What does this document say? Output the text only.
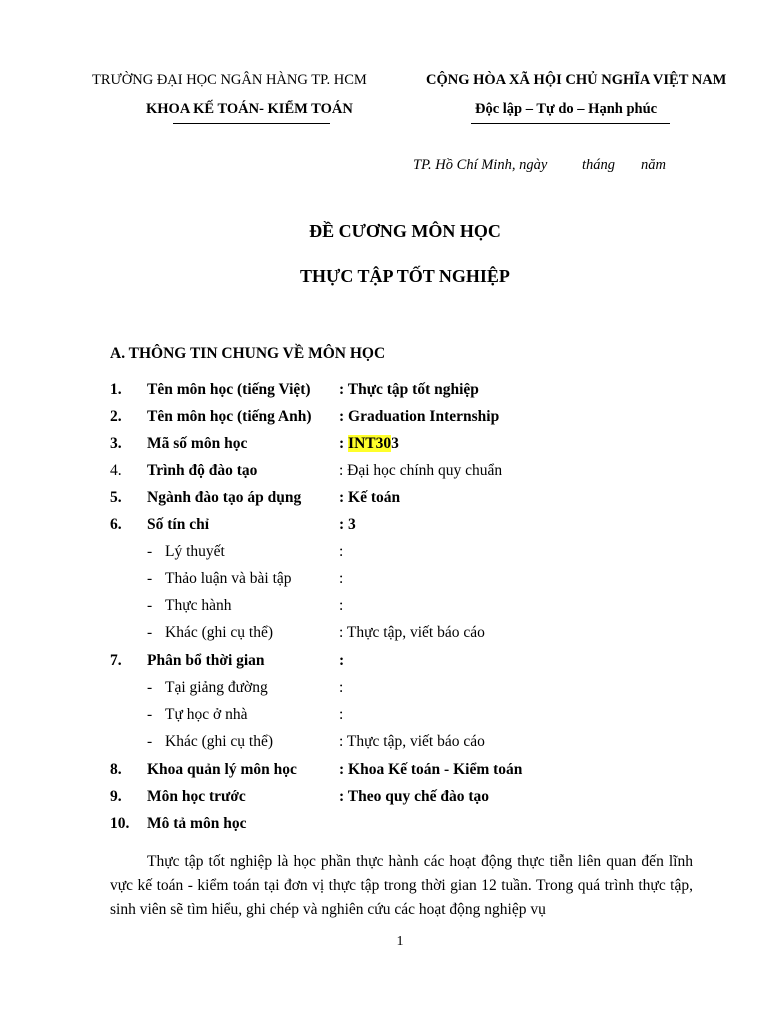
TRƯỜNG ĐẠI HỌC NGÂN HÀNG TP. HCM
KHOA KẾ TOÁN- KIỂM TOÁN
CỘNG HÒA XÃ HỘI CHỦ NGHĨA VIỆT NAM
Độc lập – Tự do – Hạnh phúc
TP. Hồ Chí Minh, ngày tháng năm
ĐỀ CƯƠNG MÔN HỌC
THỰC TẬP TỐT NGHIỆP
A. THÔNG TIN CHUNG VỀ MÔN HỌC
1. Tên môn học (tiếng Việt) : Thực tập tốt nghiệp
2. Tên môn học (tiếng Anh) : Graduation Internship
3. Mã số môn học	: INT303
4. Trình độ đào tạo	: Đại học chính quy chuẩn
5. Ngành đào tạo áp dụng : Kế toán
6. Số tín chỉ	: 3
- Lý thuyết	:
- Thảo luận và bài tập	:
- Thực hành	:
- Khác (ghi cụ thể)	: Thực tập, viết báo cáo
7. Phân bổ thời gian	:
- Tại giảng đường	:
- Tự học ở nhà	:
- Khác (ghi cụ thể)	: Thực tập, viết báo cáo
8. Khoa quản lý môn học	: Khoa Kế toán - Kiểm toán
9. Môn học trước	: Theo quy chế đào tạo
10. Mô tả môn học

Thực tập tốt nghiệp là học phần thực hành các hoạt động thực tiễn liên quan đến lĩnh vực kế toán - kiểm toán tại đơn vị thực tập trong thời gian 12 tuần. Trong quá trình thực tập, sinh viên sẽ tìm hiểu, ghi chép và nghiên cứu các hoạt động nghiệp vụ

1
